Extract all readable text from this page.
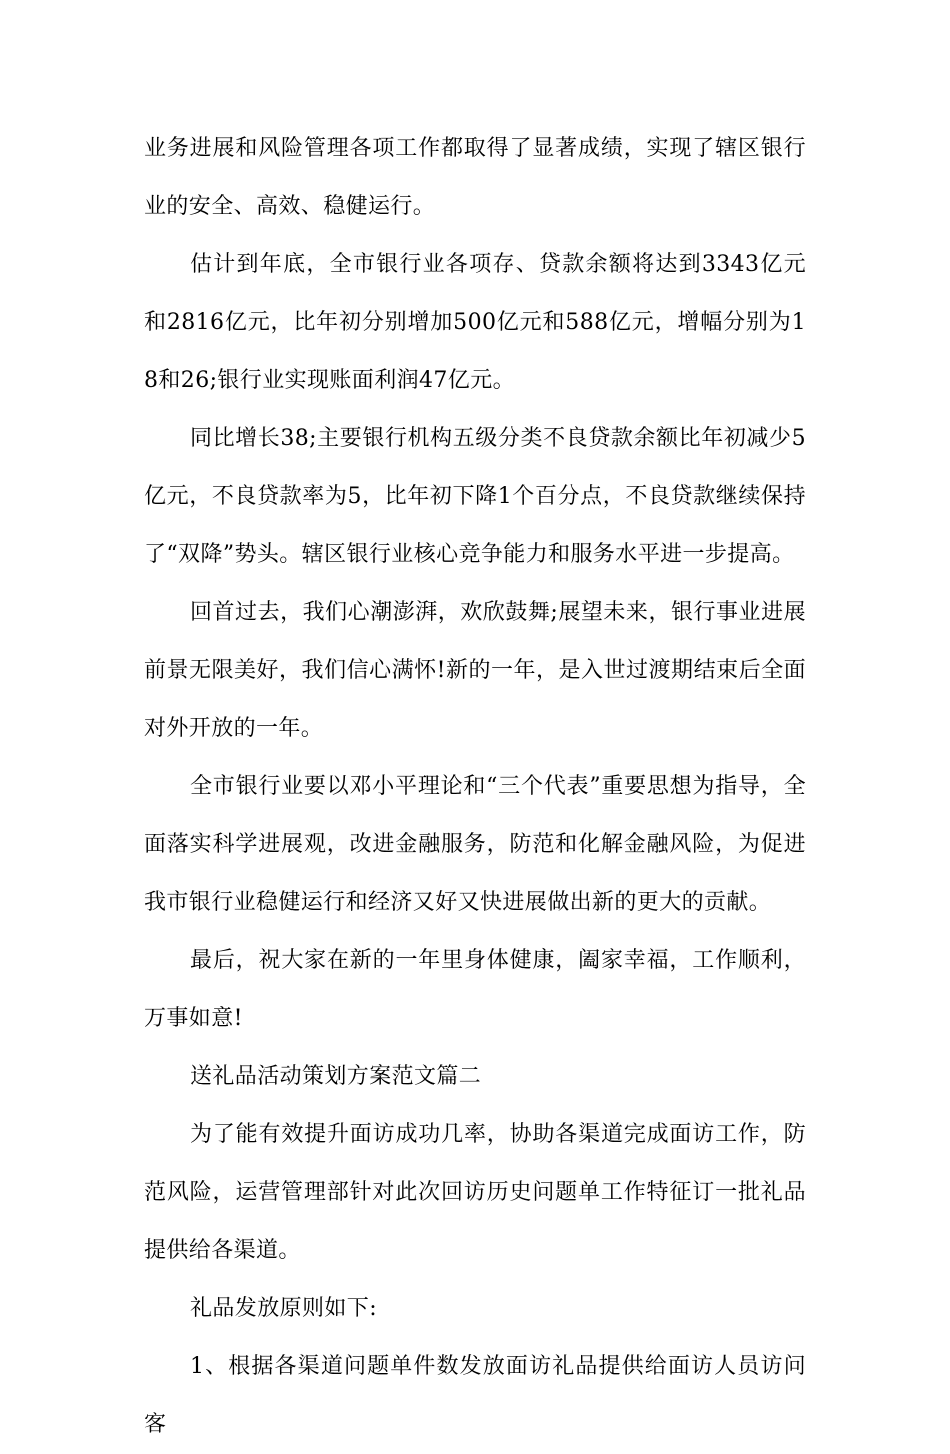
业务进展和风险管理各项工作都取得了显著成绩，实现了辖区银行业的安全、高效、稳健运行。

估计到年底，全市银行业各项存、贷款余额将达到3343亿元和2816亿元，比年初分别增加500亿元和588亿元，增幅分别为18和26;银行业实现账面利润47亿元。

同比增长38;主要银行机构五级分类不良贷款余额比年初减少5亿元，不良贷款率为5，比年初下降1个百分点，不良贷款继续保持了“双降”势头。辖区银行业核心竞争能力和服务水平进一步提高。

回首过去，我们心潮澎湃，欢欣鼓舞;展望未来，银行事业进展前景无限美好，我们信心满怀!新的一年，是入世过渡期结束后全面对外开放的一年。

全市银行业要以邓小平理论和“三个代表”重要思想为指导，全面落实科学进展观，改进金融服务，防范和化解金融风险，为促进我市银行业稳健运行和经济又好又快进展做出新的更大的贡献。

最后，祝大家在新的一年里身体健康，阖家幸福，工作顺利，万事如意!

送礼品活动策划方案范文篇二

为了能有效提升面访成功几率，协助各渠道完成面访工作，防范风险，运营管理部针对此次回访历史问题单工作特征订一批礼品提供给各渠道。

礼品发放原则如下:

1、根据各渠道问题单件数发放面访礼品提供给面访人员访问客
